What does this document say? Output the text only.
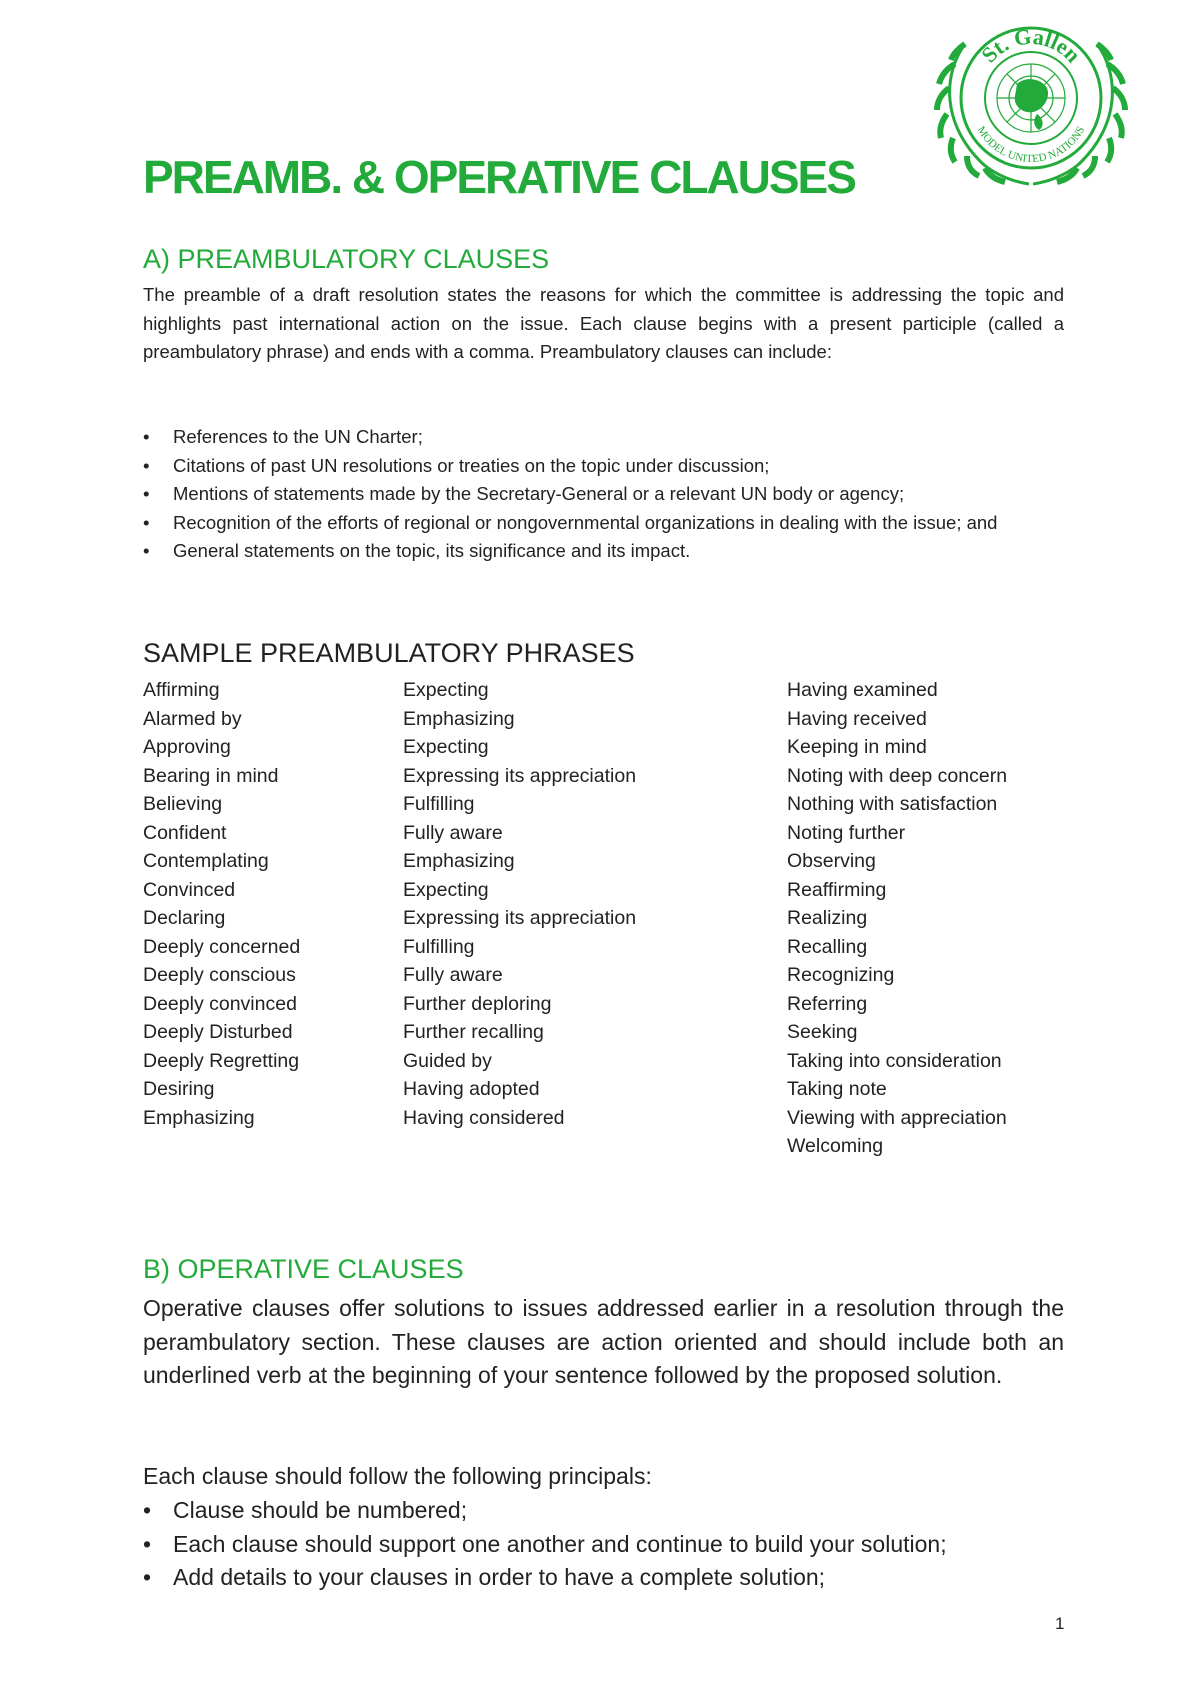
St. Gallen
MODEL UNITED NATIONS
PREAMB. & OPERATIVE CLAUSES
A) PREAMBULATORY CLAUSES

The preamble of a draft resolution states the reasons for which the committee is addressing the topic and highlights past international action on the issue. Each clause begins with a present participle (called a preambulatory phrase) and ends with a comma. Preambulatory clauses can include:

• References to the UN Charter;
• Citations of past UN resolutions or treaties on the topic under discussion;
• Mentions of statements made by the Secretary-General or a relevant UN body or agency;
• Recognition of the efforts of regional or nongovernmental organizations in dealing with the issue; and
• General statements on the topic, its significance and its impact.
SAMPLE PREAMBULATORY PHRASES
Affirming
Alarmed by
Approving
Bearing in mind
Believing
Confident
Contemplating
Convinced
Declaring
Deeply concerned
Deeply conscious
Deeply convinced
Deeply Disturbed
Deeply Regretting
Desiring
Emphasizing
Expecting
Emphasizing
Expecting
Expressing its appreciation
Fulfilling
Fully aware
Emphasizing
Expecting
Expressing its appreciation
Fulfilling
Fully aware
Further deploring
Further recalling
Guided by
Having adopted
Having considered
Having examined
Having received
Keeping in mind
Noting with deep concern
Nothing with satisfaction
Noting further
Observing
Reaffirming
Realizing
Recalling
Recognizing
Referring
Seeking
Taking into consideration
Taking note
Viewing with appreciation
Welcoming
B) OPERATIVE CLAUSES

Operative clauses offer solutions to issues addressed earlier in a resolution through the perambulatory section. These clauses are action oriented and should include both an underlined verb at the beginning of your sentence followed by the proposed solution.

Each clause should follow the following principals:

• Clause should be numbered;
• Each clause should support one another and continue to build your solution;
• Add details to your clauses in order to have a complete solution;
1
